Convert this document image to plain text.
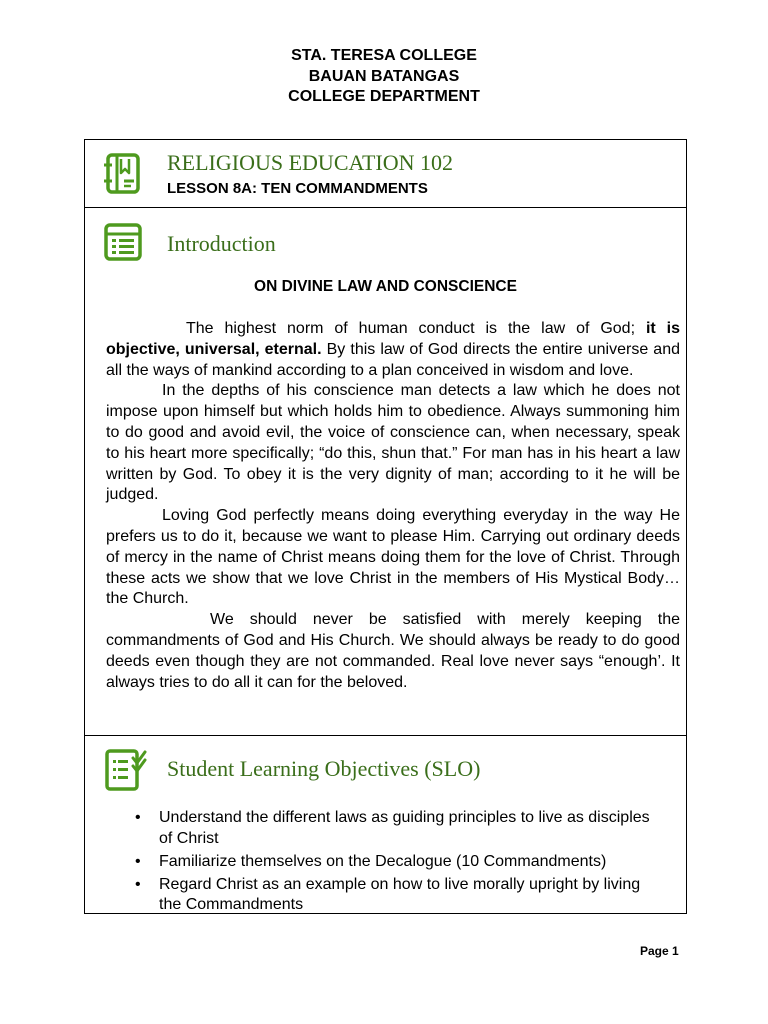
STA. TERESA COLLEGE
BAUAN BATANGAS
COLLEGE DEPARTMENT
RELIGIOUS EDUCATION 102
LESSON 8A: TEN COMMANDMENTS
Introduction
ON DIVINE LAW AND CONSCIENCE

The highest norm of human conduct is the law of God; it is objective, universal, eternal. By this law of God directs the entire universe and all the ways of mankind according to a plan conceived in wisdom and love.

In the depths of his conscience man detects a law which he does not impose upon himself but which holds him to obedience. Always summoning him to do good and avoid evil, the voice of conscience can, when necessary, speak to his heart more specifically; “do this, shun that.” For man has in his heart a law written by God. To obey it is the very dignity of man; according to it he will be judged.

Loving God perfectly means doing everything everyday in the way He prefers us to do it, because we want to please Him. Carrying out ordinary deeds of mercy in the name of Christ means doing them for the love of Christ. Through these acts we show that we love Christ in the members of His Mystical Body… the Church.

We should never be satisfied with merely keeping the commandments of God and His Church. We should always be ready to do good deeds even though they are not commanded. Real love never says “enough’. It always tries to do all it can for the beloved.

Student Learning Objectives (SLO)
• Understand the different laws as guiding principles to live as disciples of Christ
• Familiarize themselves on the Decalogue (10 Commandments)
• Regard Christ as an example on how to live morally upright by living the Commandments
Page 1
